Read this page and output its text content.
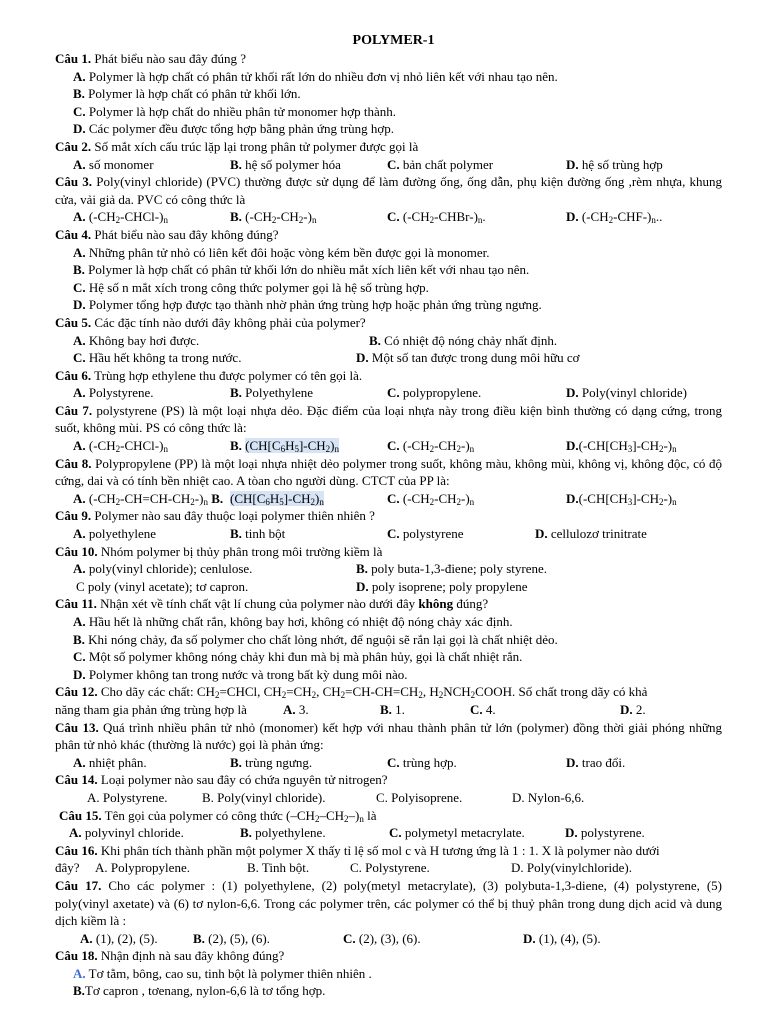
POLYMER-1
Câu 1. Phát biểu nào sau đây đúng ?
A. Polymer là hợp chất có phân tử khối rất lớn do nhiều đơn vị nhỏ liên kết với nhau tạo nên.
B. Polymer là hợp chất có phân tử khối lớn.
C. Polymer là hợp chất do nhiều phân tử monomer hợp thành.
D. Các polymer đều được tổng hợp bằng phản ứng trùng hợp.
Câu 2. Số mắt xích cấu trúc lặp lại trong phân tử polymer được gọi là
A. số monomer	B. hệ số polymer hóa	C. bản chất polymer	D. hệ số trùng hợp
Câu 3. Poly(vinyl chloride) (PVC) thường được sử dụng để làm đường ống, ống dẫn, phụ kiện đường ống ,rèm nhựa, khung cửa, vải giả da. PVC có công thức là
A. $(-CH_2-CHCl-)_n$	B. $(-CH_2-CH_2-)_n$	C. $(-CH_2-CHBr-)_n$.	D. $(-CH_2-CHF-)_n$..
Câu 4. Phát biểu nào sau đây không đúng?
A. Những phân tử nhỏ có liên kết đôi hoặc vòng kém bền được gọi là monomer.
B. Polymer là hợp chất có phân tử khối lớn do nhiều mắt xích liên kết với nhau tạo nên.
C. Hệ số n mắt xích trong công thức polymer gọi là hệ số trùng hợp.
D. Polymer tổng hợp được tạo thành nhờ phản ứng trùng hợp hoặc phản ứng trùng ngưng.
Câu 5. Các đặc tính nào dưới đây không phải của polymer?
A. Không bay hơi được.	B. Có nhiệt độ nóng chảy nhất định.
C. Hầu hết không ta trong nước.	D. Một số tan được trong dung môi hữu cơ
Câu 6. Trùng hợp ethylene thu được polymer có tên gọi là.
A. Polystyrene.	B. Polyethylene	C. polypropylene.	D. Poly(vinyl chloride)
Câu 7. polystyrene (PS) là một loại nhựa dẻo. Đặc điểm của loại nhựa này trong điều kiện bình thường có dạng cứng, trong suốt, không mùi. PS có công thức là:
A. $(-CH_2-CHCl-)_n$	B. $(CH[C_6H_5]-CH_2)_n$	C. $(-CH_2-CH_2-)_n$	$D.(-CH[CH_3]-CH_2-)_n$
Câu 8. Polypropylene (PP) là một loại nhựa nhiệt dẻo polymer trong suốt, không màu, không mùi, không vị, không độc, có độ cứng, dai và có tính bền nhiệt cao. A tòan cho người dùng. CTCT của PP là:
A. $(-CH_2-CH=CH-CH_2-)_n$ B. $(CH[C_6H_5]-CH_2)_n$	C. $(-CH_2-CH_2-)_n$	$D.(-CH[CH_3]-CH_2-)_n$
Câu 9. Polymer nào sau đây thuộc loại polymer thiên nhiên ?
A. polyethylene	B. tinh bột	C. polystyrene	D. cellulozơ trinitrate
Câu 10. Nhóm polymer bị thủy phân trong môi trường kiềm là
A. poly(vinyl chloride); cenlulose.	B. poly buta-1,3-điene; poly styrene.
C poly (vinyl acetate); tơ capron.	D. poly isoprene; poly propylene
Câu 11. Nhận xét về tính chất vật lí chung của polymer nào dưới đây không đúng?
A. Hầu hết là những chất rắn, không bay hơi, không có nhiệt độ nóng chảy xác định.
B. Khi nóng chảy, đa số polymer cho chất lỏng nhớt, để nguội sẽ rắn lại gọi là chất nhiệt dẻo.
C. Một số polymer không nóng chảy khi đun mà bị mà phân hủy, gọi là chất nhiệt rắn.
D. Polymer không tan trong nước và trong bất kỳ dung môi nào.
Câu 12. Cho dãy các chất: $CH_2=CHCl$, $CH_2=CH_2$, $CH_2=CH-CH=CH_2$, $H_2NCH_2COOH$. Số chất trong dãy có khả
năng tham gia phản ứng trùng hợp là	A. 3.	B. 1.	C. 4.	D. 2.
Câu 13. Quá trình nhiều phân tử nhỏ (monomer) kết hợp với nhau thành phân tử lớn (polymer) đồng thời giải phóng những phân tử nhỏ khác (thường là nước) gọi là phản ứng:
A. nhiệt phân.	B. trùng ngưng.	C. trùng hợp.	D. trao đổi.
Câu 14. Loại polymer nào sau đây có chứa nguyên tử nitrogen?
A. Polystyrene.	B. Poly(vinyl chloride).	C. Polyisoprene.	D. Nylon-6,6.
Câu 15. Tên gọi của polymer có công thức $(-CH_2-CH_2-)_n$ là
A. polyvinyl chloride.	B. polyethylene.	C. polymetyl metacrylate.	D. polystyrene.
Câu 16. Khi phân tích thành phần một polymer X thấy tỉ lệ số mol c và H tương ứng là 1 : 1. X là polymer nào dưới
đây?	A. Polypropylene.	B. Tinh bột.	C. Polystyrene.	D. Poly(vinylchloride).
Câu 17. Cho các polymer : (1) polyethylene, (2) poly(metyl metacrylate), (3) polybuta-1,3-diene, (4) polystyrene, (5) poly(vinyl axetate) và (6) tơ nylon-6,6. Trong các polymer trên, các polymer có thể bị thuỷ phân trong dung dịch acid và dung dịch kiềm là :
A. (1), (2), (5).	B. (2), (5), (6).	C. (2), (3), (6).	D. (1), (4), (5).
Câu 18. Nhận định nà sau đây không đúng?
A. Tơ tằm, bông, cao su, tinh bột là polymer thiên nhiên .
B.Tơ capron , tơenang, nylon-6,6 là tơ tổng hợp.
